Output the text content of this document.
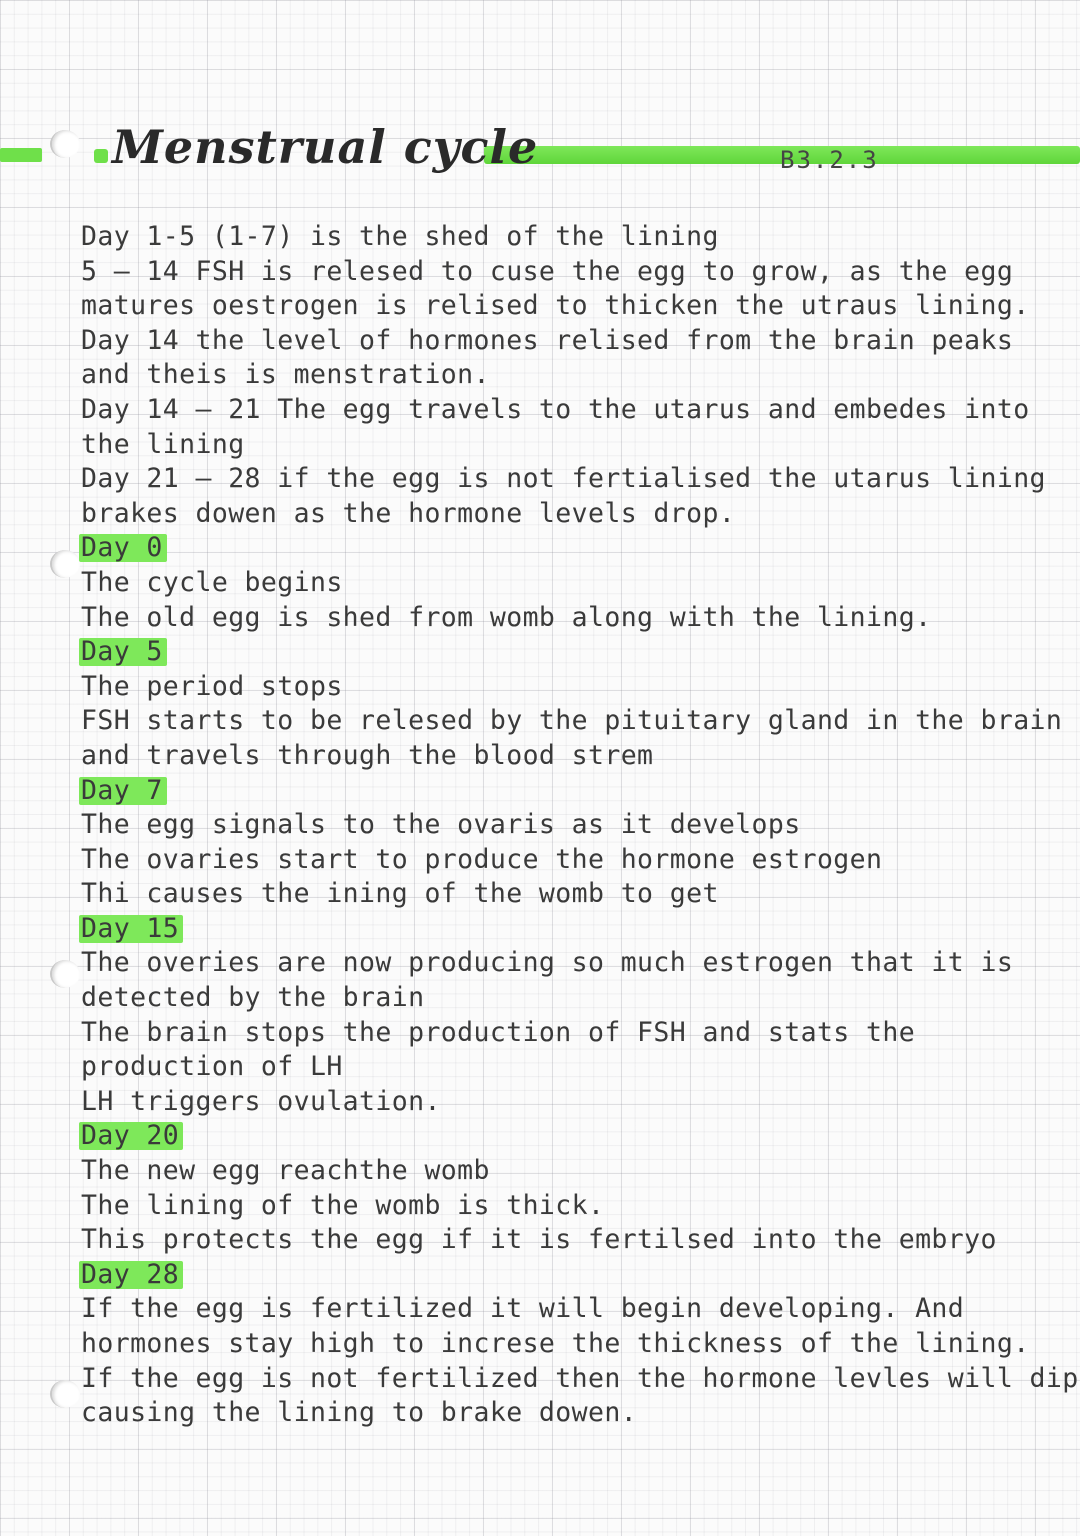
Menstrual cycle	B3.2.3
Day 1-5 (1-7) is the shed of the lining
5 – 14 FSH is relesed to cuse the egg to grow, as the egg
matures oestrogen is relised to thicken the utraus lining.
Day 14 the level of hormones relised from the brain peaks
and theis is menstration.
Day 14 – 21 The egg travels to the utarus and embedes into
the lining
Day 21 – 28 if the egg is not fertialised the utarus lining
brakes dowen as the hormone levels drop.
Day 0
The cycle begins
The old egg is shed from womb along with the lining.
Day 5
The period stops
FSH starts to be relesed by the pituitary gland in the brain
and travels through the blood strem
Day 7
The egg signals to the ovaris as it develops
The ovaries start to produce the hormone estrogen
Thi causes the ining of the womb to get
Day 15
The overies are now producing so much estrogen that it is
detected by the brain
The brain stops the production of FSH and stats the
production of LH
LH triggers ovulation.
Day 20
The new egg reachthe womb
The lining of the womb is thick.
This protects the egg if it is fertilsed into the embryo
Day 28
If the egg is fertilized it will begin developing. And
hormones stay high to increse the thickness of the lining.
If the egg is not fertilized then the hormone levles will dip
causing the lining to brake dowen.
